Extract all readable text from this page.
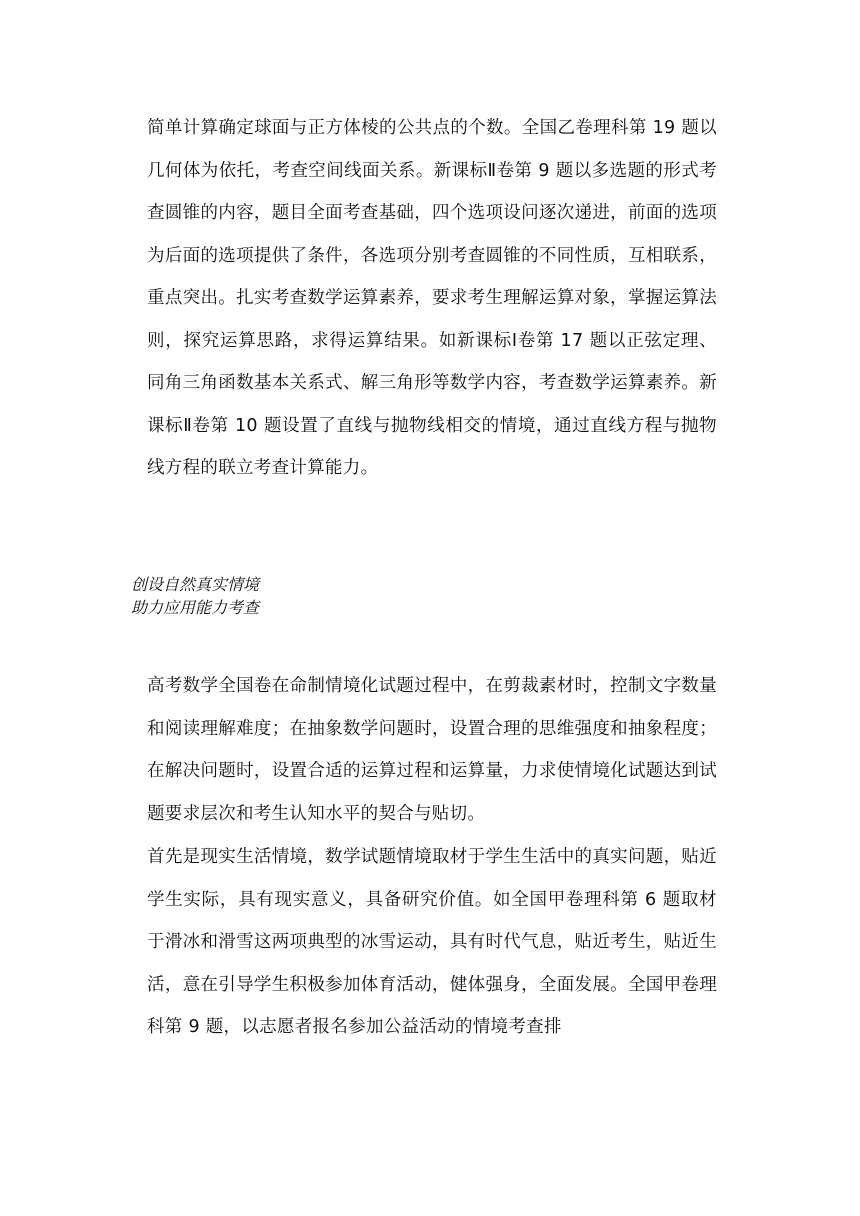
简单计算确定球面与正方体棱的公共点的个数。全国乙卷理科第 19 题以几何体为依托，考查空间线面关系。新课标Ⅱ卷第 9 题以多选题的形式考查圆锥的内容，题目全面考查基础，四个选项设问逐次递进，前面的选项为后面的选项提供了条件，各选项分别考查圆锥的不同性质，互相联系，重点突出。扎实考查数学运算素养，要求考生理解运算对象，掌握运算法则，探究运算思路，求得运算结果。如新课标Ⅰ卷第 17 题以正弦定理、同角三角函数基本关系式、解三角形等数学内容，考查数学运算素养。新课标Ⅱ卷第 10 题设置了直线与抛物线相交的情境，通过直线方程与抛物线方程的联立考查计算能力。

创设自然真实情境
助力应用能力考查

高考数学全国卷在命制情境化试题过程中，在剪裁素材时，控制文字数量和阅读理解难度；在抽象数学问题时，设置合理的思维强度和抽象程度；在解决问题时，设置合适的运算过程和运算量，力求使情境化试题达到试题要求层次和考生认知水平的契合与贴切。

首先是现实生活情境，数学试题情境取材于学生生活中的真实问题，贴近学生实际，具有现实意义，具备研究价值。如全国甲卷理科第 6 题取材于滑冰和滑雪这两项典型的冰雪运动，具有时代气息，贴近考生，贴近生活，意在引导学生积极参加体育活动，健体强身，全面发展。全国甲卷理科第 9 题，以志愿者报名参加公益活动的情境考查排
